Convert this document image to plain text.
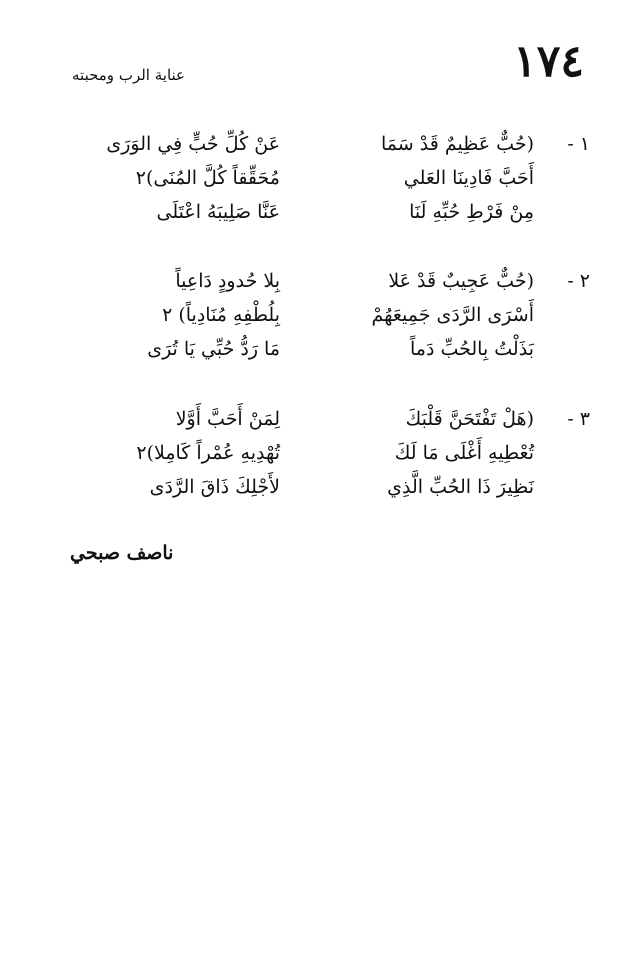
١٧٤
عناية الرب ومحبته
١ -
(حُبٌّ عَظِيمٌ قَدْ سَمَا
عَنْ كُلِّ حُبٍّ فِي الوَرَى
أَحَبَّ فَادِينَا العَلي
مُحَقِّقاً كُلَّ المُنَى)٢
مِنْ فَرْطِ حُبِّهِ لَنَا
عَنَّا صَلِيبَهُ اعْتَلَى
٢ -
(حُبٌّ عَجِيبٌ قَدْ عَلا
بِلا حُدودٍ دَاعِياً
أَسْرَى الرَّدَى جَمِيعَهُمْ
بِلُطْفِهِ مُنَادِياً) ٢
بَذَلْتُ بِالحُبِّ دَماً
مَا رَدُّ حُبِّي يَا تُرَى
٣ -
(هَلْ تَفْتَحَنَّ قَلْبَكَ
لِمَنْ أَحَبَّ أَوَّلا
تُعْطِيهِ أَغْلَى مَا لَكَ
تُهْدِيهِ عُمْراً كَامِلا)٢
نَظِيرَ ذَا الحُبِّ الَّذِي
لأَجْلِكَ ذَاقَ الرَّدَى
ناصف صبحي
